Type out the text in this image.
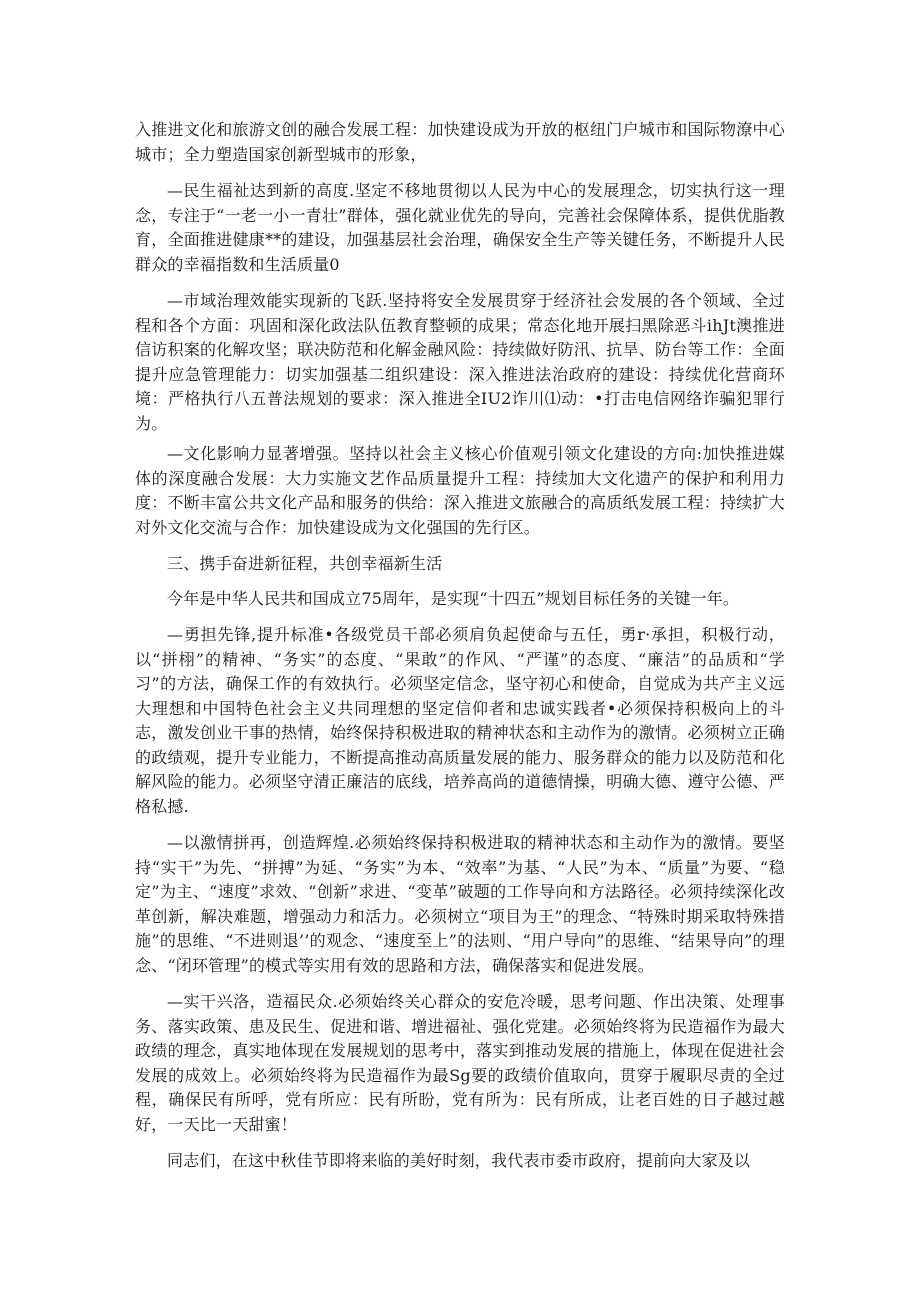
入推进文化和旅游文创的融合发展工程：加快建设成为开放的枢纽门户城市和国际物潦中心城市；全力塑造国家创新型城市的形象，

—民生福祉达到新的高度.坚定不移地贯彻以人民为中心的发展理念，切实执行这一理念，专注于“一老一小一青壮”群体，强化就业优先的导向，完善社会保障体系，提供优脂教育，全面推进健康**的建设，加强基层社会治理，确保安全生产等关键任务，不断提升人民群众的幸福指数和生活质量0

—市域治理效能实现新的飞跃.坚持将安全发展贯穿于经济社会发展的各个领域、全过程和各个方面：巩固和深化政法队伍教育整顿的成果；常态化地开展扫黑除恶斗ihJt澳推进信访积案的化解攻坚；联决防范和化解金融风险：持续做好防汛、抗旱、防台等工作：全面提升应急管理能力：切实加强基二组织建设：深入推进法治政府的建设：持续优化营商环境：严格执行八五普法规划的要求：深入推进全IU2诈川⑴动：•打击电信网络诈骗犯罪行为。

—文化影响力显著增强。坚持以社会主义核心价值观引领文化建设的方向:加快推进媒体的深度融合发展：大力实施文艺作品质量提升工程：持续加大文化遗产的保护和利用力度：不断丰富公共文化产品和服务的供给：深入推进文旅融合的高质纸发展工程：持续扩大对外文化交流与合作：加快建设成为文化强国的先行区。

三、携手奋进新征程，共创幸福新生活

今年是中华人民共和国成立75周年，是实现“十四五”规划目标任务的关键一年。

—勇担先锋,提升标准•各级党员干部必须肩负起使命与五任，勇r·承担，积极行动，以“拼栩”的精神、“务实”的态度、“果敢”的作风、“严谨”的态度、“廉洁”的品质和“学习”的方法，确保工作的有效执行。必须坚定信念，坚守初心和使命，自觉成为共产主义远大理想和中国特色社会主义共同理想的坚定信仰者和忠诚实践者•必须保持积极向上的斗志，激发创业干事的热情，始终保持积极进取的精神状态和主动作为的激情。必须树立正确的政绩观，提升专业能力，不断提高推动高质量发展的能力、服务群众的能力以及防范和化解风险的能力。必须坚守清正廉洁的底线，培养高尚的道德情操，明确大德、遵守公德、严格私撼.

—以激情拼再，创造辉煌.必须始终保持积极进取的精神状态和主动作为的激情。要坚持“实干”为先、“拼搏”为延、“务实”为本、“效率”为基、“人民”为本、“质量”为要、“稳定”为主、“速度”求效、“创新”求进、“变革”破题的工作导向和方法路径。必须持续深化改革创新，解决难题，增强动力和活力。必须树立“项目为王”的理念、“特殊时期采取特殊措施”的思维、“不进则退’’的观念、“速度至上”的法则、“用户导向”的思维、“结果导向”的理念、“闭环管理”的模式等实用有效的思路和方法，确保落实和促进发展。

—实干兴洛，造福民众.必须始终关心群众的安危冷暖，思考问题、作出决策、处理事务、落实政策、患及民生、促进和谐、增进福祉、强化党建。必须始终将为民造福作为最大政绩的理念，真实地体现在发展规划的思考中，落实到推动发展的措施上，体现在促进社会发展的成效上。必须始终将为民造福作为最Sg要的政绩价值取向，贯穿于履职尽责的全过程，确保民有所呼，党有所应：民有所盼，党有所为：民有所成，让老百姓的日子越过越好，一天比一天甜蜜！

同志们，在这中秋佳节即将来临的美好时刻，我代表市委市政府，提前向大家及以
